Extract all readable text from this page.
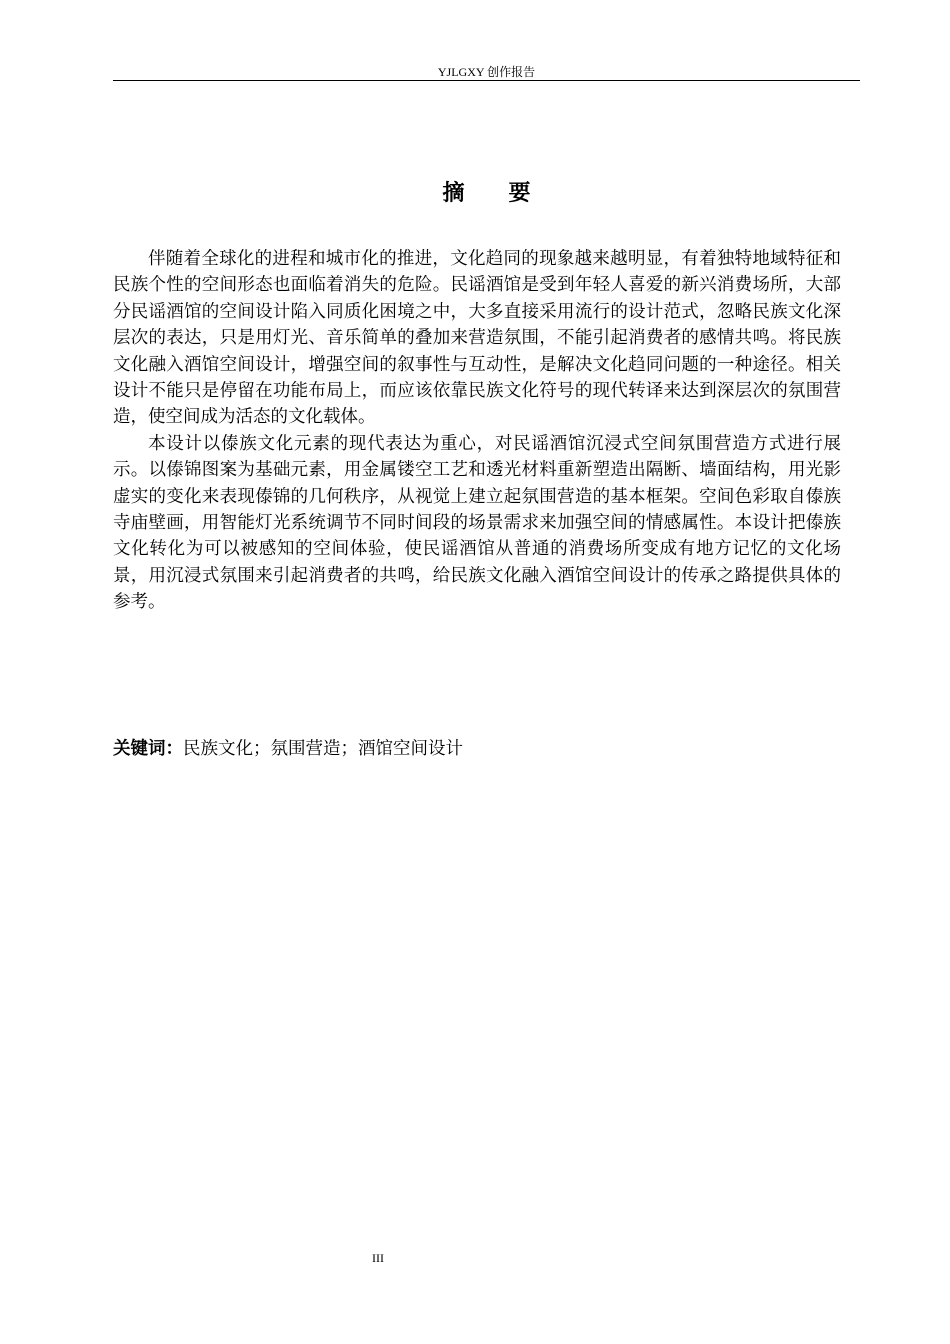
YJLGXY 创作报告
摘要

伴随着全球化的进程和城市化的推进，文化趋同的现象越来越明显，有着独特地域特征和民族个性的空间形态也面临着消失的危险。民谣酒馆是受到年轻人喜爱的新兴消费场所，大部分民谣酒馆的空间设计陷入同质化困境之中，大多直接采用流行的设计范式，忽略民族文化深层次的表达，只是用灯光、音乐简单的叠加来营造氛围，不能引起消费者的感情共鸣。将民族文化融入酒馆空间设计，增强空间的叙事性与互动性，是解决文化趋同问题的一种途径。相关设计不能只是停留在功能布局上，而应该依靠民族文化符号的现代转译来达到深层次的氛围营造，使空间成为活态的文化载体。

本设计以傣族文化元素的现代表达为重心，对民谣酒馆沉浸式空间氛围营造方式进行展示。以傣锦图案为基础元素，用金属镂空工艺和透光材料重新塑造出隔断、墙面结构，用光影虚实的变化来表现傣锦的几何秩序，从视觉上建立起氛围营造的基本框架。空间色彩取自傣族寺庙壁画，用智能灯光系统调节不同时间段的场景需求来加强空间的情感属性。本设计把傣族文化转化为可以被感知的空间体验，使民谣酒馆从普通的消费场所变成有地方记忆的文化场景，用沉浸式氛围来引起消费者的共鸣，给民族文化融入酒馆空间设计的传承之路提供具体的参考。

关键词：民族文化；氛围营造；酒馆空间设计
III
